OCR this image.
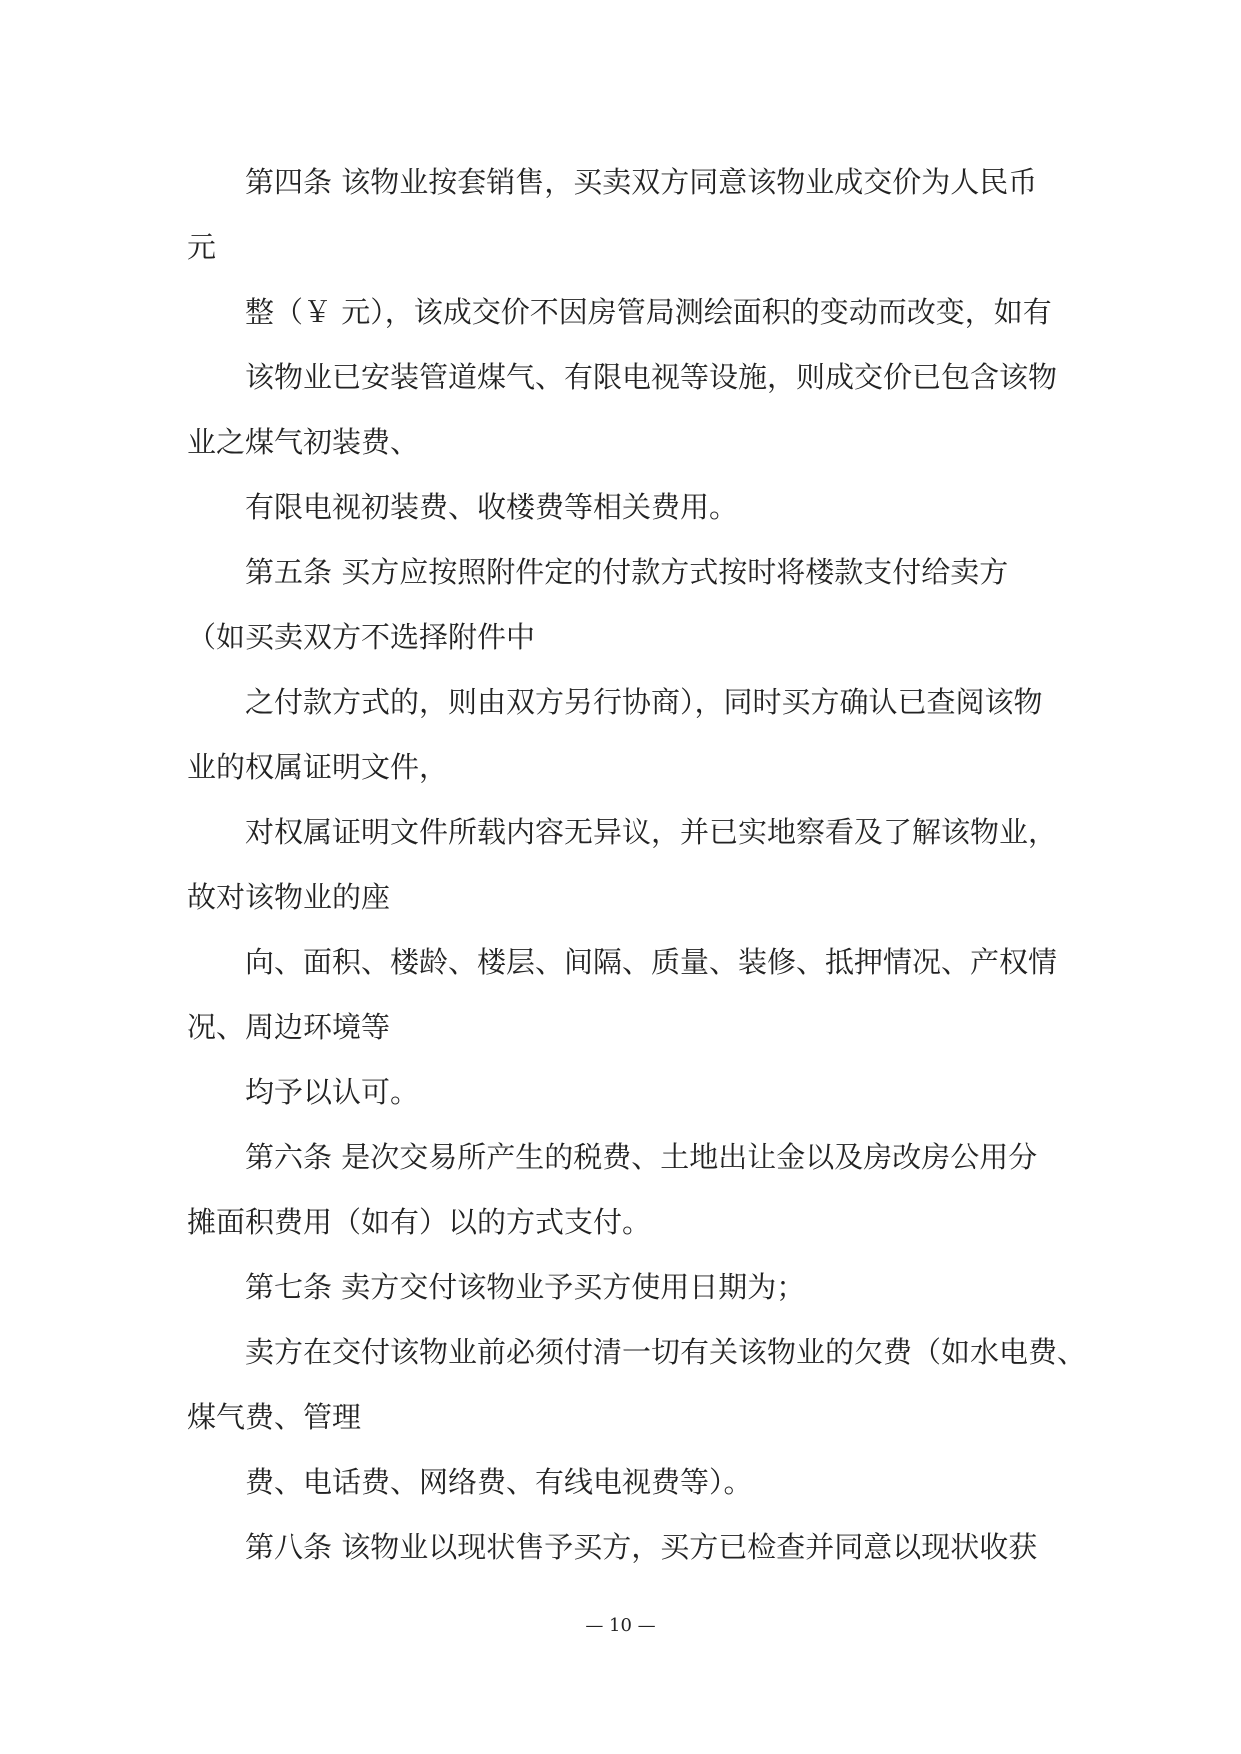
第四条 该物业按套销售，买卖双方同意该物业成交价为人民币
元
整（￥ 元），该成交价不因房管局测绘面积的变动而改变，如有
该物业已安装管道煤气、有限电视等设施，则成交价已包含该物
业之煤气初装费、
有限电视初装费、收楼费等相关费用。
第五条 买方应按照附件定的付款方式按时将楼款支付给卖方
（如买卖双方不选择附件中
之付款方式的，则由双方另行协商），同时买方确认已查阅该物
业的权属证明文件，
对权属证明文件所载内容无异议，并已实地察看及了解该物业，
故对该物业的座
向、面积、楼龄、楼层、间隔、质量、装修、抵押情况、产权情
况、周边环境等
均予以认可。
第六条 是次交易所产生的税费、土地出让金以及房改房公用分
摊面积费用（如有）以的方式支付。
第七条 卖方交付该物业予买方使用日期为；
卖方在交付该物业前必须付清一切有关该物业的欠费（如水电费、
煤气费、管理
费、电话费、网络费、有线电视费等）。
第八条 该物业以现状售予买方，买方已检查并同意以现状收获
— 10 —
